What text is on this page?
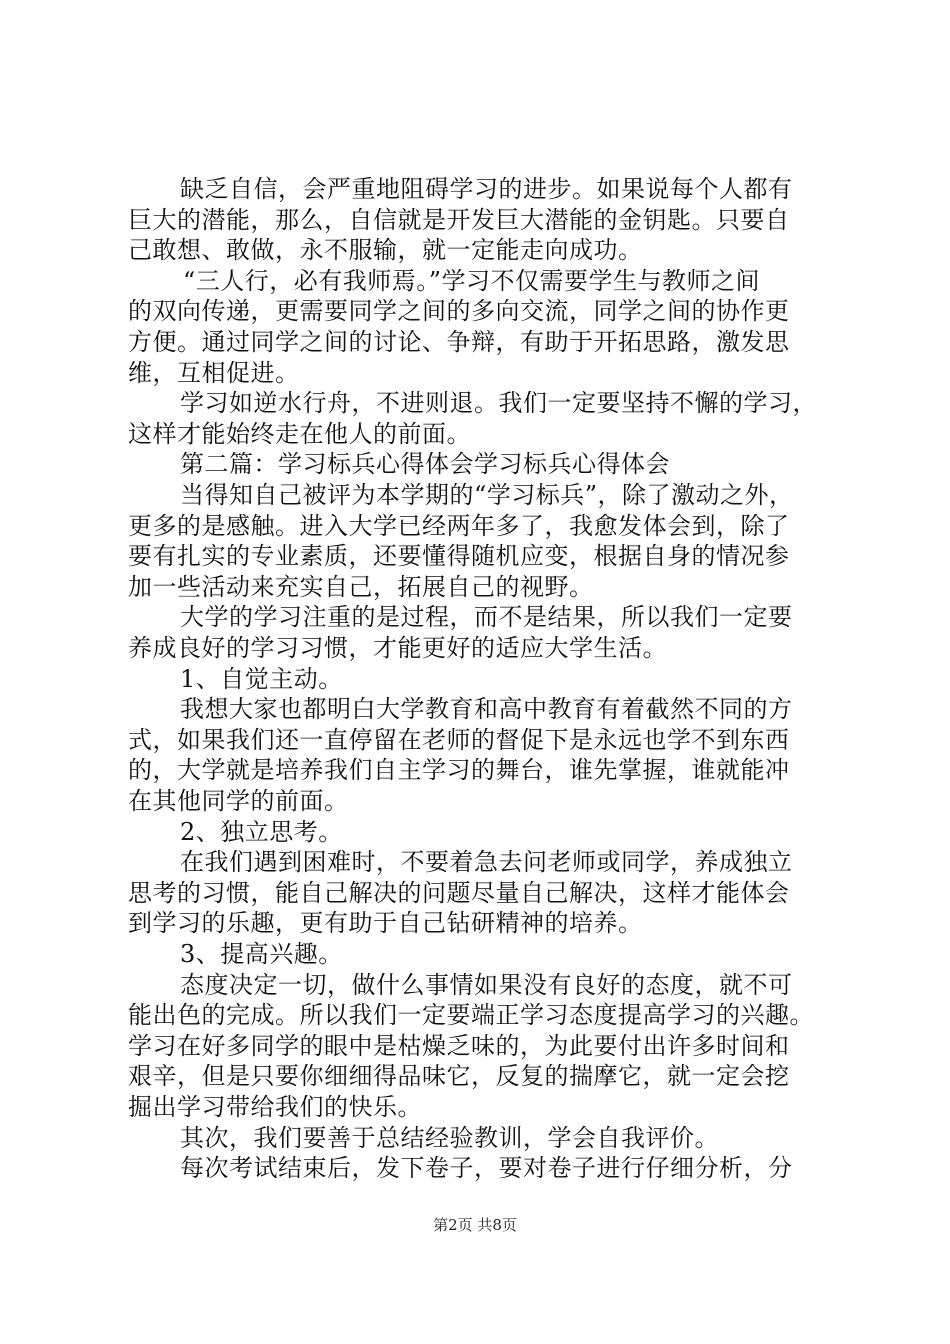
缺乏自信，会严重地阻碍学习的进步。如果说每个人都有
巨大的潜能，那么，自信就是开发巨大潜能的金钥匙。只要自
己敢想、敢做，永不服输，就一定能走向成功。
“三人行，必有我师焉。”学习不仅需要学生与教师之间
的双向传递，更需要同学之间的多向交流，同学之间的协作更
方便。通过同学之间的讨论、争辩，有助于开拓思路，激发思
维，互相促进。
学习如逆水行舟，不进则退。我们一定要坚持不懈的学习，
这样才能始终走在他人的前面。
第二篇：学习标兵心得体会学习标兵心得体会
当得知自己被评为本学期的“学习标兵”，除了激动之外，
更多的是感触。进入大学已经两年多了，我愈发体会到，除了
要有扎实的专业素质，还要懂得随机应变，根据自身的情况参
加一些活动来充实自己，拓展自己的视野。
大学的学习注重的是过程，而不是结果，所以我们一定要
养成良好的学习习惯，才能更好的适应大学生活。
1、自觉主动。
我想大家也都明白大学教育和高中教育有着截然不同的方
式，如果我们还一直停留在老师的督促下是永远也学不到东西
的，大学就是培养我们自主学习的舞台，谁先掌握，谁就能冲
在其他同学的前面。
2、独立思考。
在我们遇到困难时，不要着急去问老师或同学，养成独立
思考的习惯，能自己解决的问题尽量自己解决，这样才能体会
到学习的乐趣，更有助于自己钻研精神的培养。
3、提高兴趣。
态度决定一切，做什么事情如果没有良好的态度，就不可
能出色的完成。所以我们一定要端正学习态度提高学习的兴趣。
学习在好多同学的眼中是枯燥乏味的，为此要付出许多时间和
艰辛，但是只要你细细得品味它，反复的揣摩它，就一定会挖
掘出学习带给我们的快乐。
其次，我们要善于总结经验教训，学会自我评价。
每次考试结束后，发下卷子，要对卷子进行仔细分析，分
第2页 共8页
